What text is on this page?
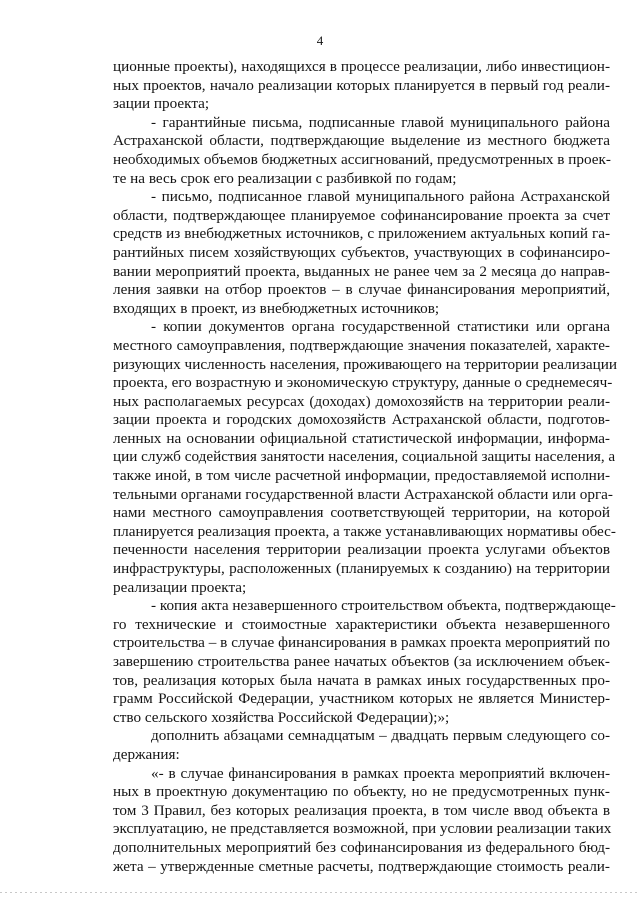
4
ционные проекты), находящихся в процессе реализации, либо инвестицион-
ных проектов, начало реализации которых планируется в первый год реали-
зации проекта;
- гарантийные письма, подписанные главой муниципального района
Астраханской области, подтверждающие выделение из местного бюджета
необходимых объемов бюджетных ассигнований, предусмотренных в проек-
те на весь срок его реализации с разбивкой по годам;
- письмо, подписанное главой муниципального района Астраханской
области, подтверждающее планируемое софинансирование проекта за счет
средств из внебюджетных источников, с приложением актуальных копий га-
рантийных писем хозяйствующих субъектов, участвующих в софинансиро-
вании мероприятий проекта, выданных не ранее чем за 2 месяца до направ-
ления заявки на отбор проектов – в случае финансирования мероприятий,
входящих в проект, из внебюджетных источников;
- копии документов органа государственной статистики или органа
местного самоуправления, подтверждающие значения показателей, характе-
ризующих численность населения, проживающего на территории реализации
проекта, его возрастную и экономическую структуру, данные о среднемесяч-
ных располагаемых ресурсах (доходах) домохозяйств на территории реали-
зации проекта и городских домохозяйств Астраханской области, подготов-
ленных на основании официальной статистической информации, информа-
ции служб содействия занятости населения, социальной защиты населения, а
также иной, в том числе расчетной информации, предоставляемой исполни-
тельными органами государственной власти Астраханской области или орга-
нами местного самоуправления соответствующей территории, на которой
планируется реализация проекта, а также устанавливающих нормативы обес-
печенности населения территории реализации проекта услугами объектов
инфраструктуры, расположенных (планируемых к созданию) на территории
реализации проекта;
- копия акта незавершенного строительством объекта, подтверждающе-
го технические и стоимостные характеристики объекта незавершенного
строительства – в случае финансирования в рамках проекта мероприятий по
завершению строительства ранее начатых объектов (за исключением объек-
тов, реализация которых была начата в рамках иных государственных про-
грамм Российской Федерации, участником которых не является Министер-
ство сельского хозяйства Российской Федерации);»;
дополнить абзацами семнадцатым – двадцать первым следующего со-
держания:
«- в случае финансирования в рамках проекта мероприятий включен-
ных в проектную документацию по объекту, но не предусмотренных пунк-
том 3 Правил, без которых реализация проекта, в том числе ввод объекта в
эксплуатацию, не представляется возможной, при условии реализации таких
дополнительных мероприятий без софинансирования из федерального бюд-
жета – утвержденные сметные расчеты, подтверждающие стоимость реали-
